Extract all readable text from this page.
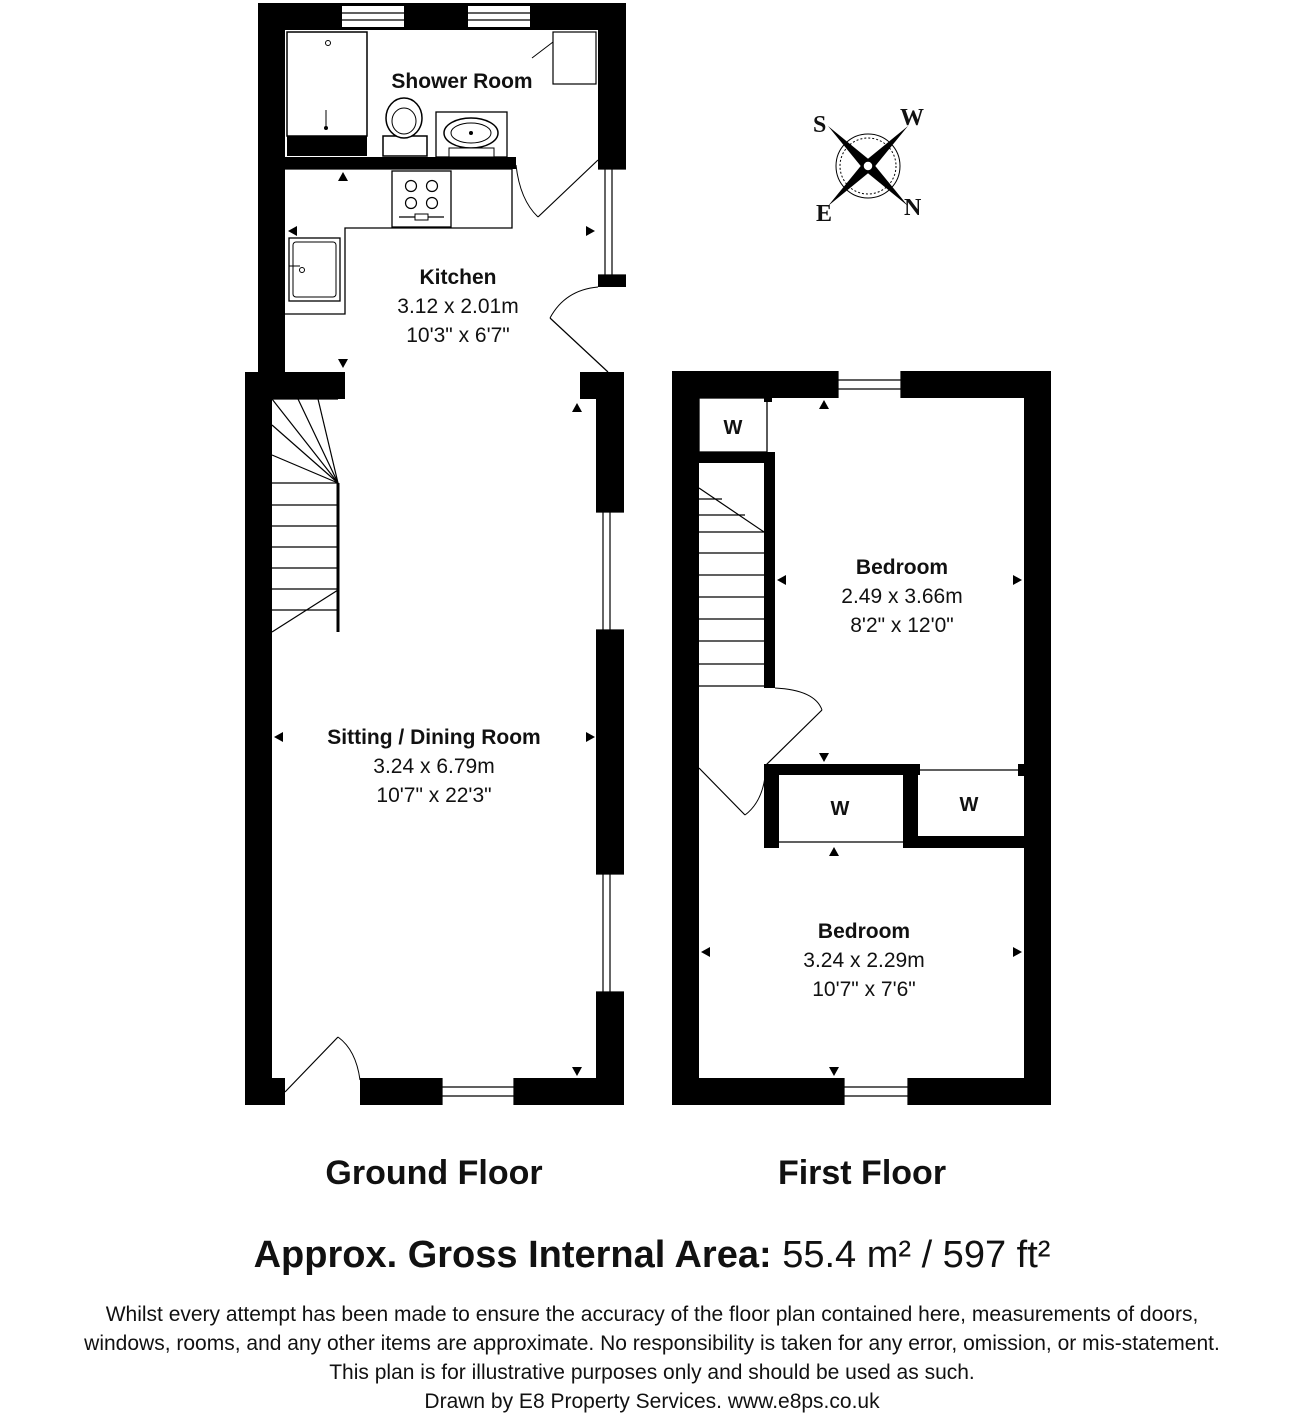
S	W
E	N
Shower Room
Kitchen
3.12 x 2.01m
10'3" x 6'7"
Sitting / Dining Room
3.24 x 6.79m
10'7" x 22'3"
Bedroom
2.49 x 3.66m
8'2" x 12'0"
Bedroom
3.24 x 2.29m
10'7" x 7'6"
W
W	W
Ground Floor	First Floor
Approx. Gross Internal Area: 55.4 m² / 597 ft²
Whilst every attempt has been made to ensure the accuracy of the floor plan contained here, measurements of doors,
windows, rooms, and any other items are approximate. No responsibility is taken for any error, omission, or mis-statement.
This plan is for illustrative purposes only and should be used as such.
Drawn by E8 Property Services. www.e8ps.co.uk
